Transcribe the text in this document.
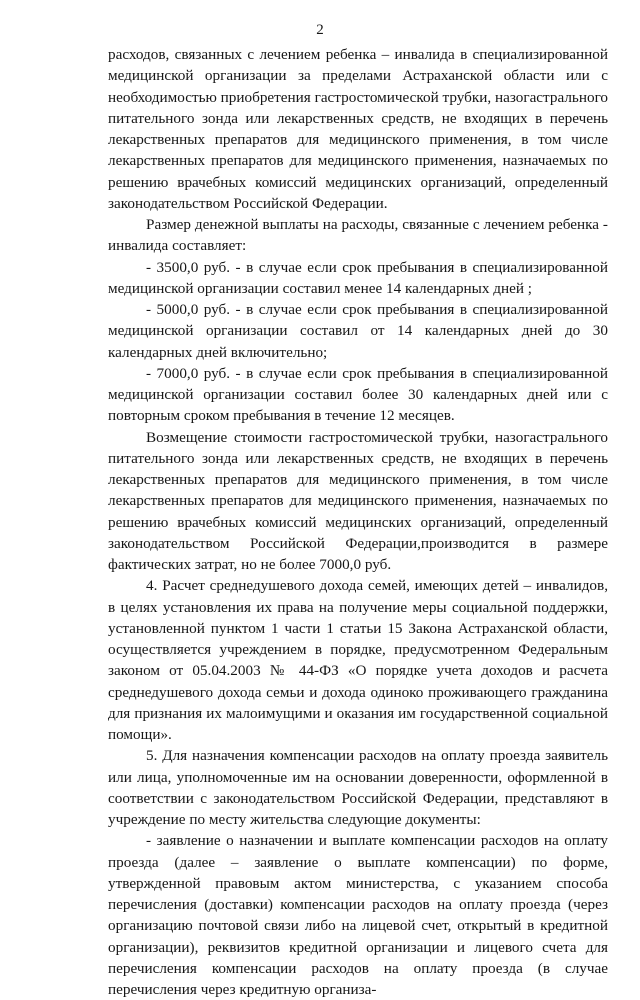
2

расходов, связанных с лечением ребенка – инвалида в специализированной медицинской организации за пределами Астраханской области или с необходимостью приобретения гастростомической трубки, назогастрального питательного зонда или лекарственных средств, не входящих в перечень лекарственных препаратов для медицинского применения, в том числе лекарственных препаратов для медицинского применения, назначаемых по решению врачебных комиссий медицинских организаций, определенный законодательством Российской Федерации.

Размер денежной выплаты на расходы, связанные с лечением ребенка - инвалида составляет:

- 3500,0 руб. - в случае если срок пребывания в специализированной медицинской организации составил менее 14 календарных дней ;

- 5000,0 руб. - в случае если срок пребывания в специализированной медицинской организации составил от 14 календарных дней до 30 календарных дней включительно;

- 7000,0 руб. - в случае если срок пребывания в специализированной медицинской организации составил более 30 календарных дней или с повторным сроком пребывания в течение 12 месяцев.

Возмещение стоимости гастростомической трубки, назогастрального питательного зонда или лекарственных средств, не входящих в перечень лекарственных препаратов для медицинского применения, в том числе лекарственных препаратов для медицинского применения, назначаемых по решению врачебных комиссий медицинских организаций, определенный законодательством Российской Федерации,производится в размере фактических затрат, но не более 7000,0 руб.

4. Расчет среднедушевого дохода семей, имеющих детей – инвалидов, в целях установления их права на получение меры социальной поддержки, установленной пунктом 1 части 1 статьи 15 Закона Астраханской области, осуществляется учреждением в порядке, предусмотренном Федеральным законом от 05.04.2003 № 44-ФЗ «О порядке учета доходов и расчета среднедушевого дохода семьи и дохода одиноко проживающего гражданина для признания их малоимущими и оказания им государственной социальной помощи».

5. Для назначения компенсации расходов на оплату проезда заявитель или лица, уполномоченные им на основании доверенности, оформленной в соответствии с законодательством Российской Федерации, представляют в учреждение по месту жительства следующие документы:

- заявление о назначении и выплате компенсации расходов на оплату проезда (далее – заявление о выплате компенсации) по форме, утвержденной правовым актом министерства, с указанием способа перечисления (доставки) компенсации расходов на оплату проезда (через организацию почтовой связи либо на лицевой счет, открытый в кредитной организации), реквизитов кредитной организации и лицевого счета для перечисления компенсации расходов на оплату проезда (в случае перечисления через кредитную организа-
